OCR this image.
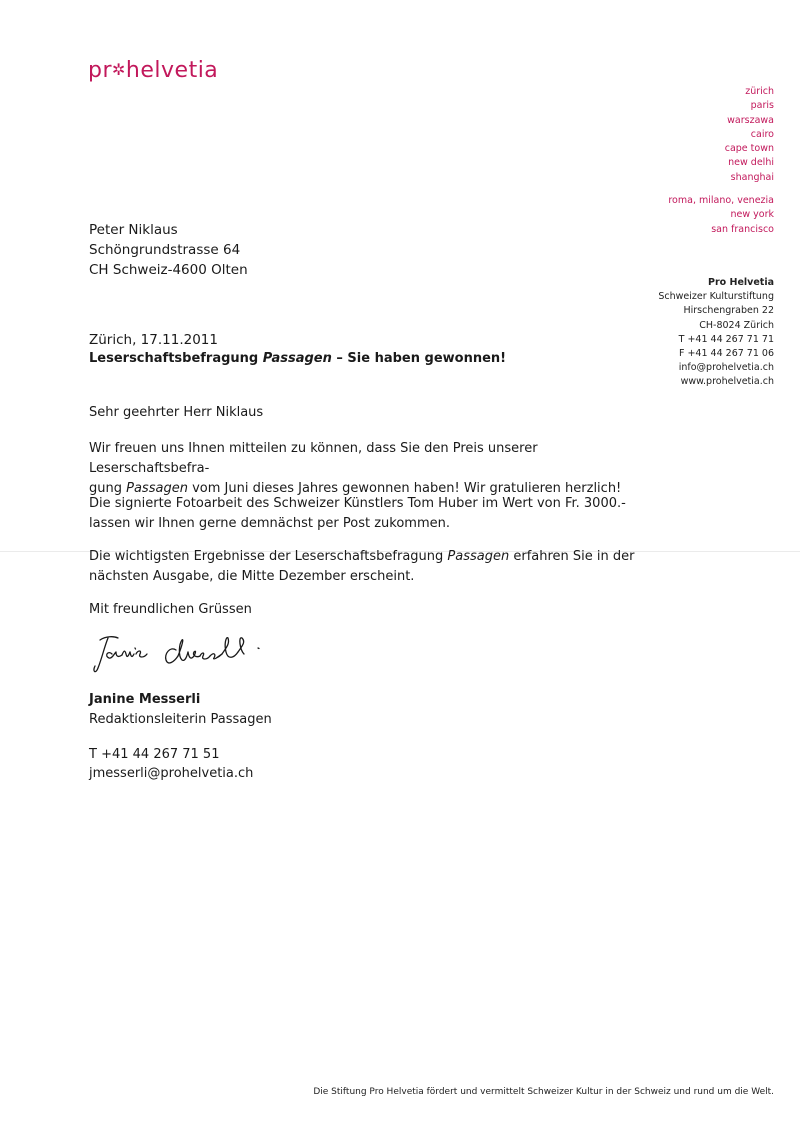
pr✲helvetia
zürich
paris
warszawa
cairo
cape town
new delhi
shanghai
roma, milano, venezia
new york
san francisco
Pro Helvetia
Schweizer Kulturstiftung
Hirschengraben 22
CH-8024 Zürich
T +41 44 267 71 71
F +41 44 267 71 06
info@prohelvetia.ch
www.prohelvetia.ch
Peter Niklaus
Schöngrundstrasse 64
CH Schweiz-4600 Olten
Zürich, 17.11.2011
Leserschaftsbefragung Passagen – Sie haben gewonnen!
Sehr geehrter Herr Niklaus
Wir freuen uns Ihnen mitteilen zu können, dass Sie den Preis unserer Leserschaftsbefra-
gung Passagen vom Juni dieses Jahres gewonnen haben! Wir gratulieren herzlich!
Die signierte Fotoarbeit des Schweizer Künstlers Tom Huber im Wert von Fr. 3000.-
lassen wir Ihnen gerne demnächst per Post zukommen.
Die wichtigsten Ergebnisse der Leserschaftsbefragung Passagen erfahren Sie in der
nächsten Ausgabe, die Mitte Dezember erscheint.
Mit freundlichen Grüssen
Janine Messerli
Redaktionsleiterin Passagen
T +41 44 267 71 51
jmesserli@prohelvetia.ch
Die Stiftung Pro Helvetia fördert und vermittelt Schweizer Kultur in der Schweiz und rund um die Welt.
